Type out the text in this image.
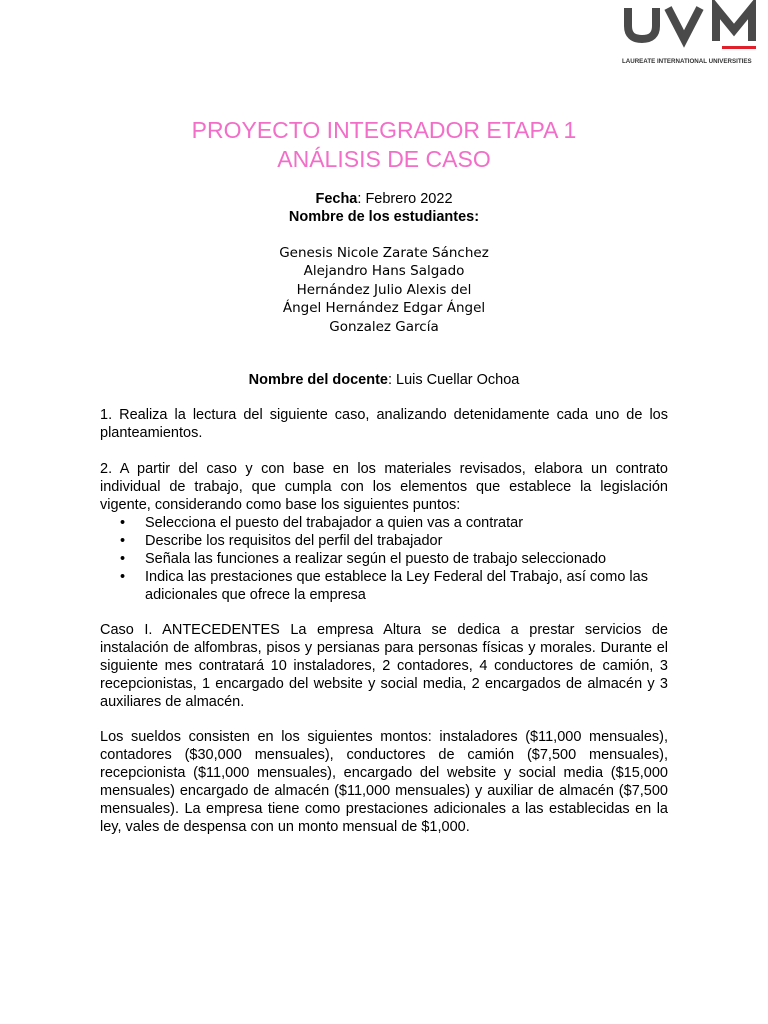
LAUREATE INTERNATIONAL UNIVERSITIES
PROYECTO INTEGRADOR ETAPA 1
ANÁLISIS DE CASO
Fecha: Febrero 2022
Nombre de los estudiantes:
Genesis Nicole Zarate Sánchez
Alejandro Hans Salgado
Hernández Julio Alexis del
Ángel Hernández Edgar Ángel
Gonzalez García
Nombre del docente: Luis Cuellar Ochoa

1. Realiza la lectura del siguiente caso, analizando detenidamente cada uno de los planteamientos.

2. A partir del caso y con base en los materiales revisados, elabora un contrato individual de trabajo, que cumpla con los elementos que establece la legislación vigente, considerando como base los siguientes puntos:

• Selecciona el puesto del trabajador a quien vas a contratar
• Describe los requisitos del perfil del trabajador
• Señala las funciones a realizar según el puesto de trabajo seleccionado
• Indica las prestaciones que establece la Ley Federal del Trabajo, así como las adicionales que ofrece la empresa

Caso I. ANTECEDENTES La empresa Altura se dedica a prestar servicios de instalación de alfombras, pisos y persianas para personas físicas y morales. Durante el siguiente mes contratará 10 instaladores, 2 contadores, 4 conductores de camión, 3 recepcionistas, 1 encargado del website y social media, 2 encargados de almacén y 3 auxiliares de almacén.

Los sueldos consisten en los siguientes montos: instaladores ($11,000 mensuales), contadores ($30,000 mensuales), conductores de camión ($7,500 mensuales), recepcionista ($11,000 mensuales), encargado del website y social media ($15,000 mensuales) encargado de almacén ($11,000 mensuales) y auxiliar de almacén ($7,500 mensuales). La empresa tiene como prestaciones adicionales a las establecidas en la ley, vales de despensa con un monto mensual de $1,000.
